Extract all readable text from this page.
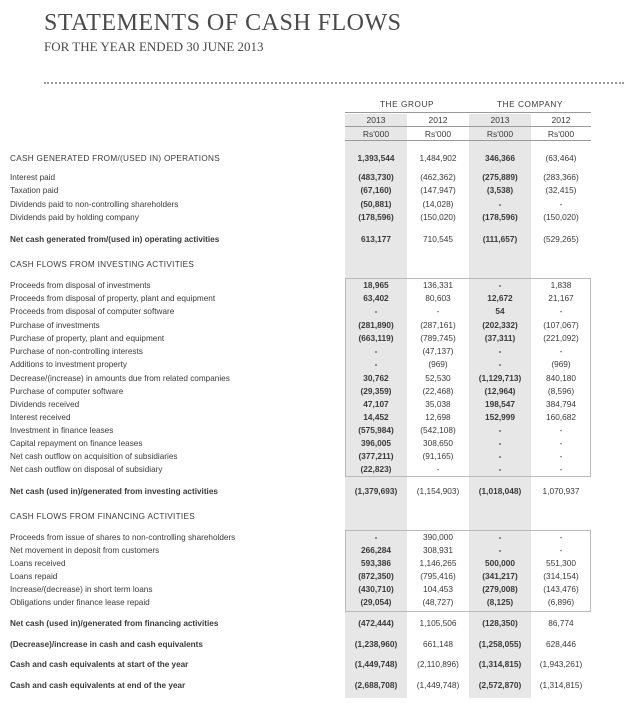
STATEMENTS OF CASH FLOWS
FOR THE YEAR ENDED 30 JUNE 2013
THE GROUP	THE COMPANY
2013	2012	2013	2012
Rs'000	Rs'000	Rs'000	Rs'000
CASH GENERATED FROM/(USED IN) OPERATIONS	1,393,544	1,484,902	346,366	(63,464)
Interest paid	(483,730)	(462,362)	(275,889)	(283,366)
Taxation paid	(67,160)	(147,947)	(3,538)	(32,415)
Dividends paid to non-controlling shareholders	(50,881)	(14,028)	-	-
Dividends paid by holding company	(178,596)	(150,020)	(178,596)	(150,020)
Net cash generated from/(used in) operating activities	613,177	710,545	(111,657)	(529,265)
CASH FLOWS FROM INVESTING ACTIVITIES
Proceeds from disposal of investments	18,965	136,331	-	1,838
Proceeds from disposal of property, plant and equipment	63,402	80,603	12,672	21,167
Proceeds from disposal of computer software	-	-	54	-
Purchase of investments	(281,890)	(287,161)	(202,332)	(107,067)
Purchase of property, plant and equipment	(663,119)	(789,745)	(37,311)	(221,092)
Purchase of non-controlling interests	-	(47,137)	-	-
Additions to investment property	-	(969)	-	(969)
Decrease/(increase) in amounts due from related companies	30,762	52,530	(1,129,713)	840,180
Purchase of computer software	(29,359)	(22,468)	(12,964)	(8,596)
Dividends received	47,107	35,038	198,547	384,794
Interest received	14,452	12,698	152,999	160,682
Investment in finance leases	(575,984)	(542,108)	-	-
Capital repayment on finance leases	396,005	308,650	-	-
Net cash outflow on acquisition of subsidiaries	(377,211)	(91,165)	-	-
Net cash outflow on disposal of subsidiary	(22,823)	-	-	-
Net cash (used in)/generated from investing activities	(1,379,693)	(1,154,903)	(1,018,048)	1,070,937
CASH FLOWS FROM FINANCING ACTIVITIES
Proceeds from issue of shares to non-controlling shareholders	-	390,000	-	-
Net movement in deposit from customers	266,284	308,931	-	-
Loans received	593,386	1,146,265	500,000	551,300
Loans repaid	(872,350)	(795,416)	(341,217)	(314,154)
Increase/(decrease) in short term loans	(430,710)	104,453	(279,008)	(143,476)
Obligations under finance lease repaid	(29,054)	(48,727)	(8,125)	(6,896)
Net cash (used in)/generated from financing activities	(472,444)	1,105,506	(128,350)	86,774
(Decrease)/increase in cash and cash equivalents	(1,238,960)	661,148	(1,258,055)	628,446
Cash and cash equivalents at start of the year	(1,449,748)	(2,110,896)	(1,314,815)	(1,943,261)
Cash and cash equivalents at end of the year	(2,688,708)	(1,449,748)	(2,572,870)	(1,314,815)
